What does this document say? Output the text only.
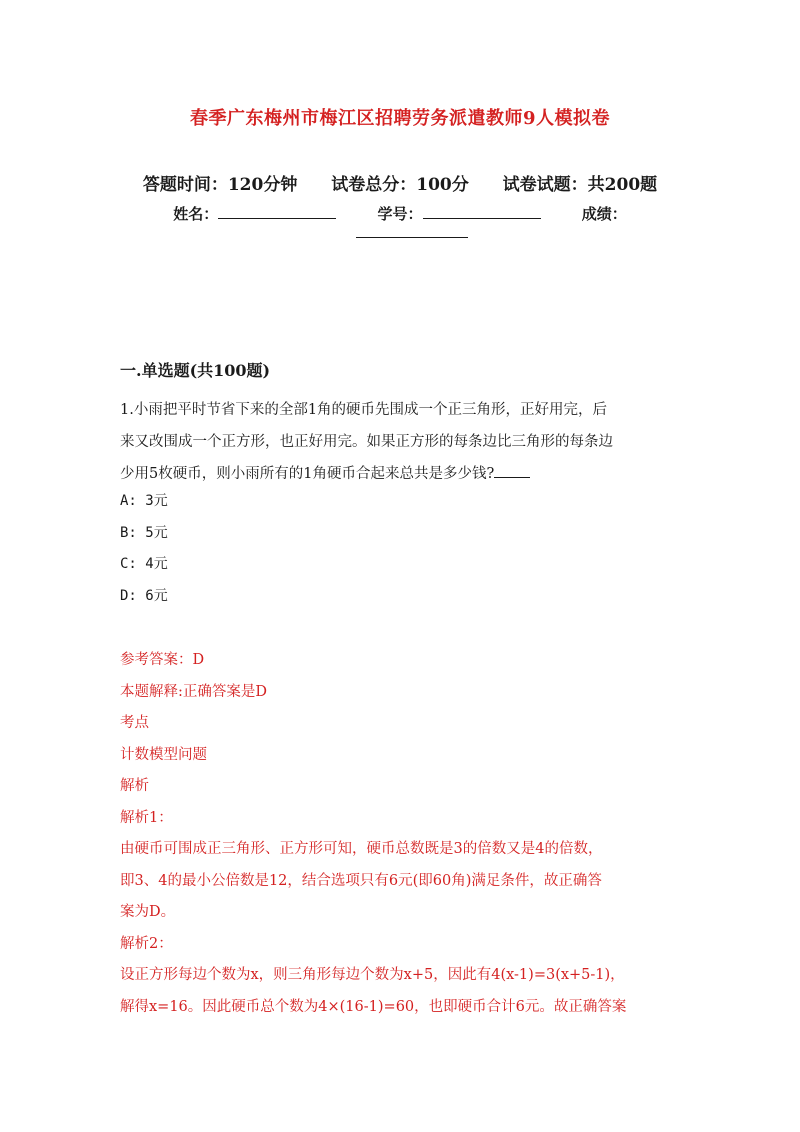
春季广东梅州市梅江区招聘劳务派遣教师9人模拟卷
答题时间：120分钟 试卷总分：100分 试卷试题：共200题
姓名：	学号：	成绩：
一.单选题(共100题)
1.小雨把平时节省下来的全部1角的硬币先围成一个正三角形，正好用完，后
来又改围成一个正方形，也正好用完。如果正方形的每条边比三角形的每条边
少用5枚硬币，则小雨所有的1角硬币合起来总共是多少钱?
A: 3元
B: 5元
C: 4元
D: 6元
参考答案：D
本题解释:正确答案是D
考点
计数模型问题
解析
解析1：
由硬币可围成正三角形、正方形可知，硬币总数既是3的倍数又是4的倍数，
即3、4的最小公倍数是12，结合选项只有6元(即60角)满足条件，故正确答
案为D。
解析2：
设正方形每边个数为x，则三角形每边个数为x+5，因此有4(x-1)=3(x+5-1)，
解得x=16。因此硬币总个数为4×(16-1)=60，也即硬币合计6元。故正确答案
